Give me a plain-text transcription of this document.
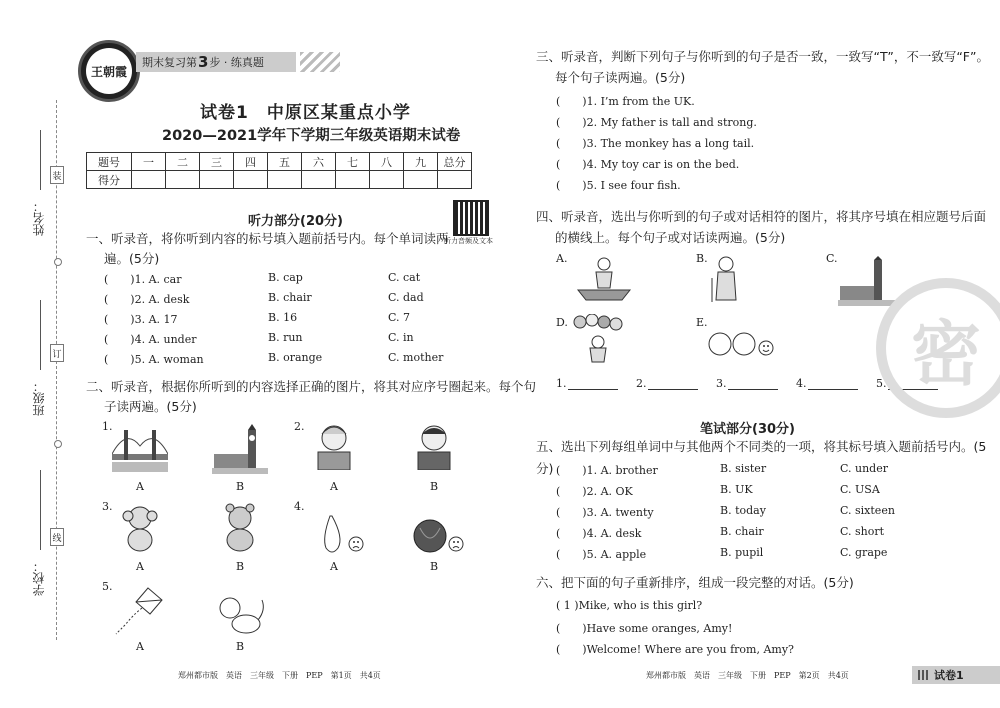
姓名：
班级：
学校：
装
订
线
王朝霞
期末复习第 3 步 · 练真题
试卷1　中原区某重点小学
2020—2021学年下学期三年级英语期末试卷
题号	一	二	三	四	五	六	七	八	九	总分
得分										
听力音频及文本
听力部分(20分)
一、听录音，将你听到内容的标号填入题前括号内。每个单词读两
遍。(5分)
(　　)1. A. car	B. cap	C. cat
(　　)2. A. desk	B. chair	C. dad
(　　)3. A. 17	B. 16	C. 7
(　　)4. A. under	B. run	C. in
(　　)5. A. woman	B. orange	C. mother
二、听录音，根据你所听到的内容选择正确的图片，将其对应序号圈起来。每个句
子读两遍。(5分)
1.
A	B
2.
A	B
3.
A	B
4.
A	B
5.
A	B
郑州都市版　英语　三年级　下册　PEP　第1页　共4页
三、听录音，判断下列句子与你听到的句子是否一致，一致写“T”，不一致写“F”。
每个句子读两遍。(5分)
(　　)1. I’m from the UK.
(　　)2. My father is tall and strong.
(　　)3. The monkey has a long tail.
(　　)4. My toy car is on the bed.
(　　)5. I see four fish.
四、听录音，选出与你听到的句子或对话相符的图片，将其序号填在相应题号后面
的横线上。每个句子或对话读两遍。(5分)
A.	B.	C.
D.	E.
1.	2.	3.	4.	5.
笔试部分(30分)
五、选出下列每组单词中与其他两个不同类的一项，将其标号填入题前括号内。(5分) (　　)1. A. brother	B. sister	C. under
(　　)2. A. OK	B. UK	C. USA
(　　)3. A. twenty	B. today	C. sixteen
(　　)4. A. desk	B. chair	C. short
(　　)5. A. apple	B. pupil	C. grape
六、把下面的句子重新排序，组成一段完整的对话。(5分)
( 1 )Mike, who is this girl?
(　　)Have some oranges, Amy!
(　　)Welcome! Where are you from, Amy?
郑州都市版　英语　三年级　下册　PEP　第2页　共4页	试卷1
密
